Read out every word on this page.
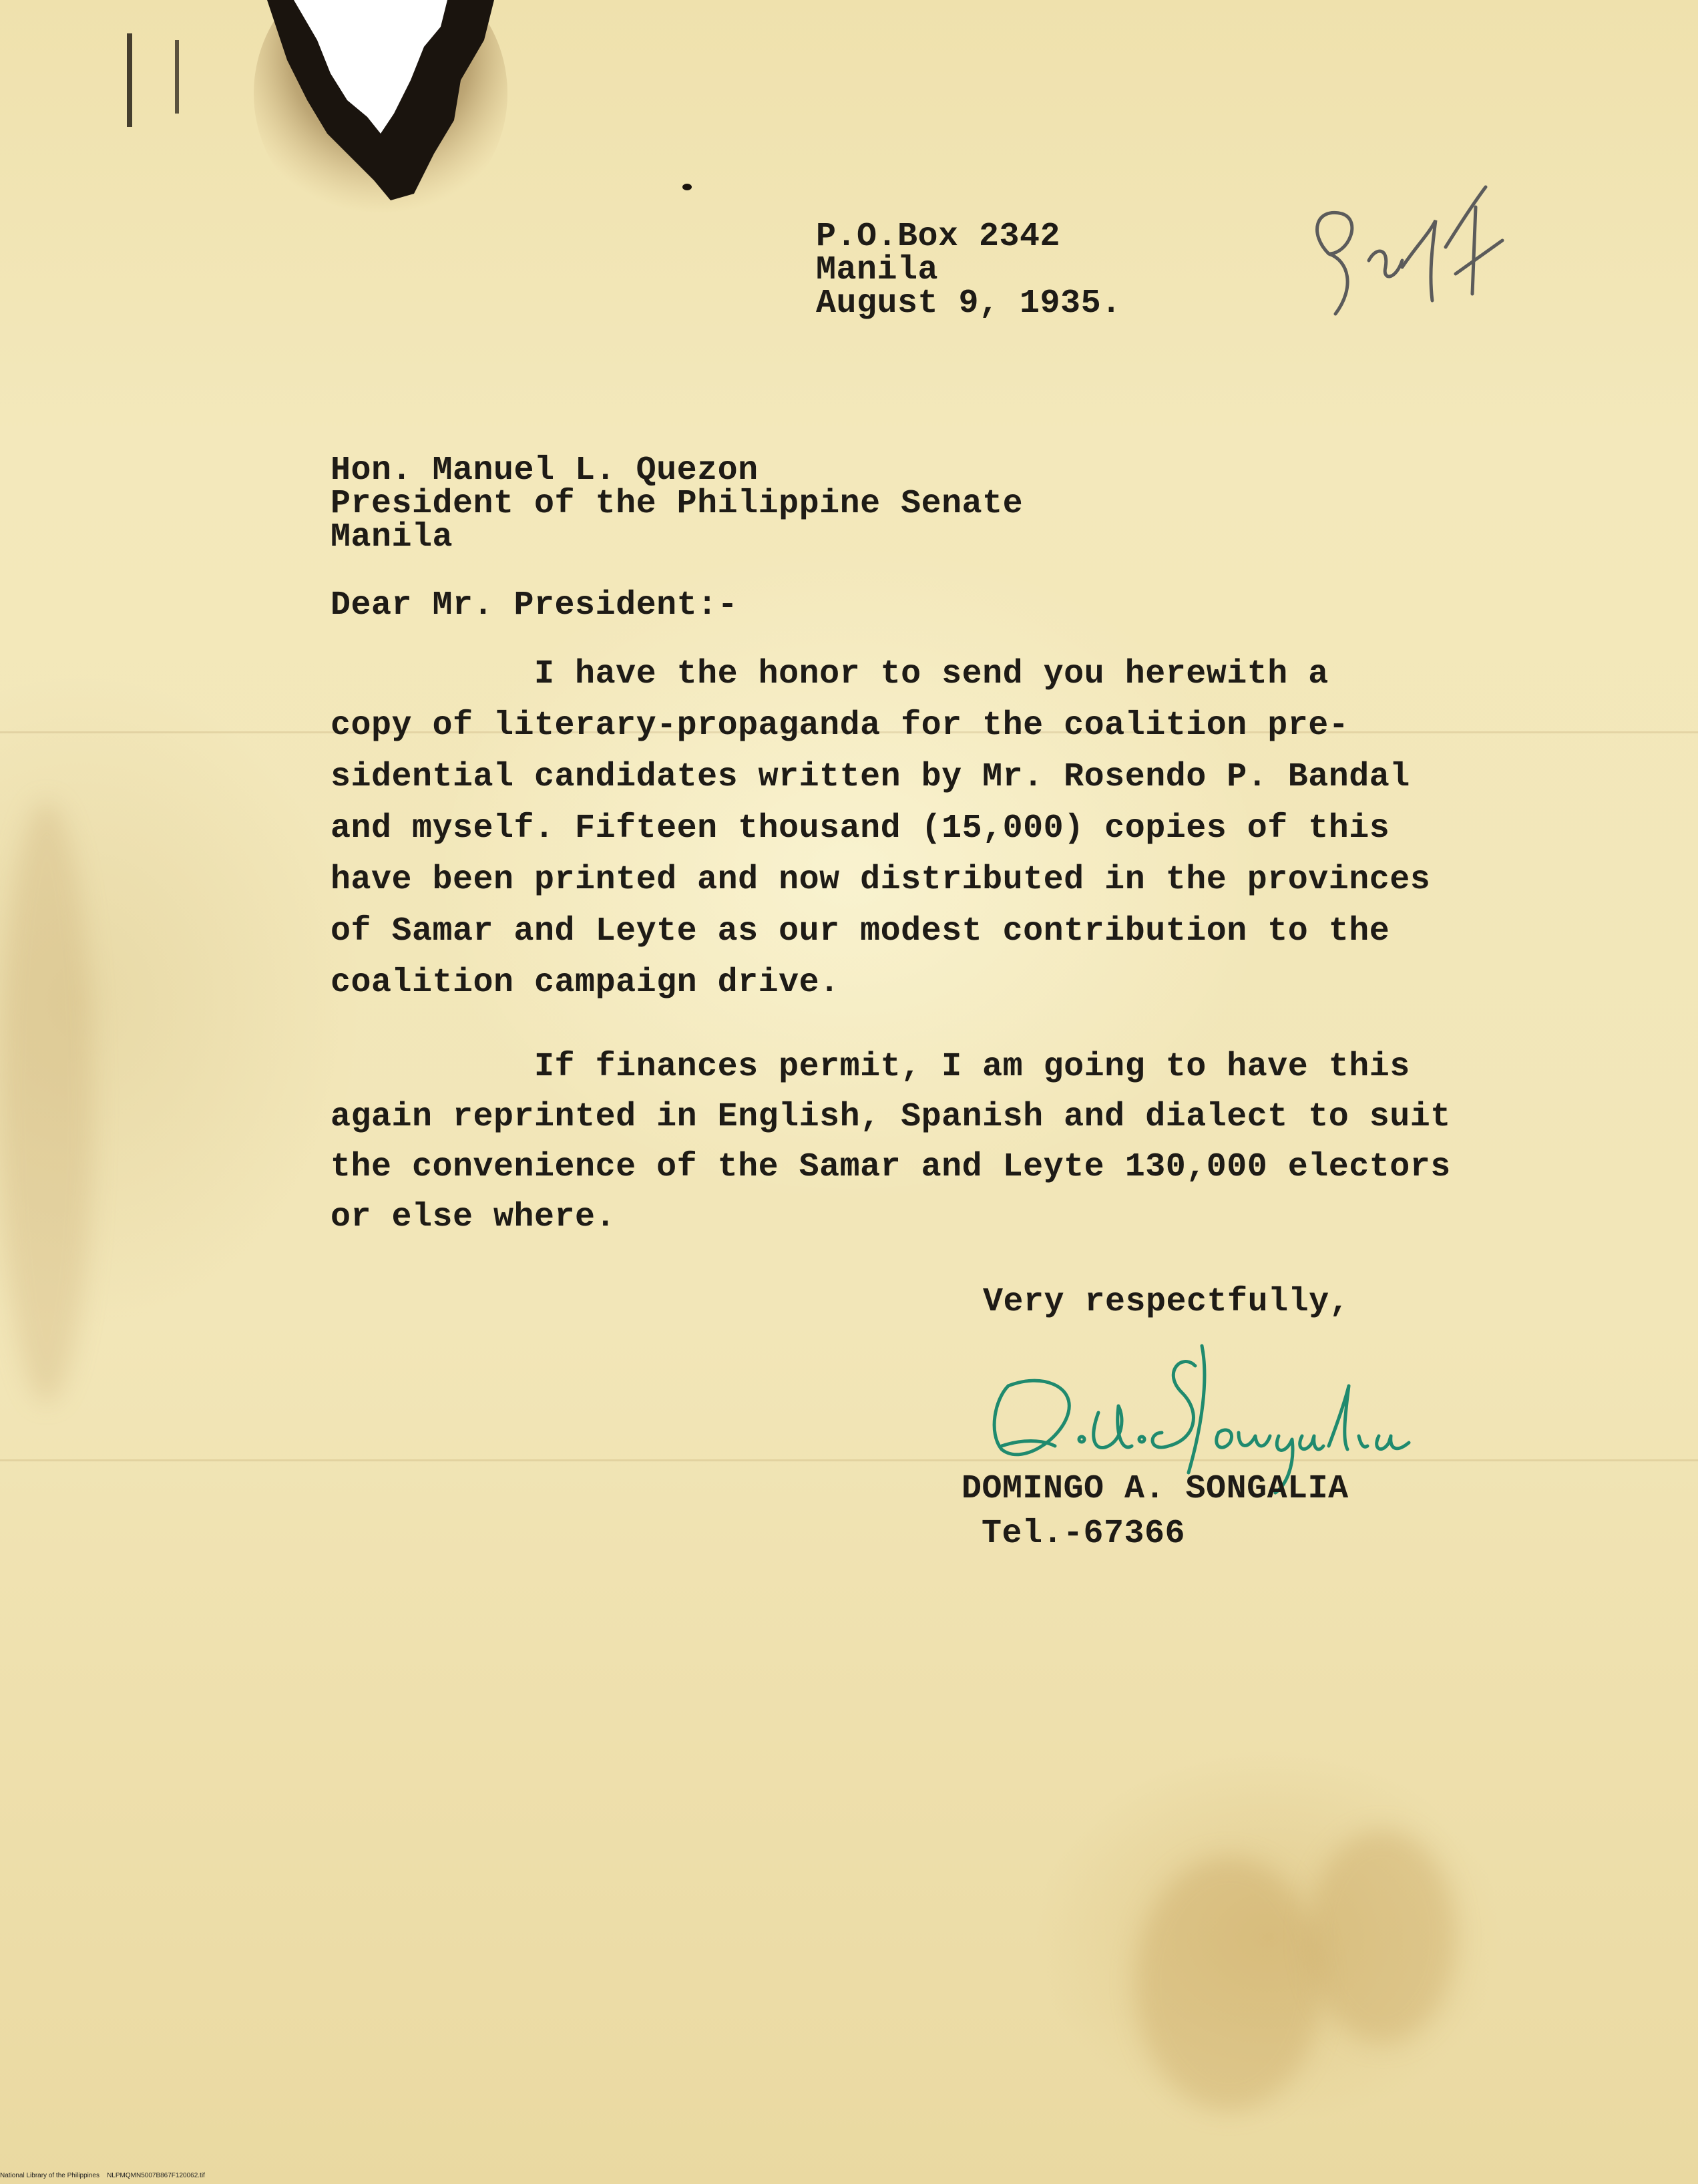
P.O.Box 2342
Manila
August 9, 1935.
Hon. Manuel L. Quezon
President of the Philippine Senate
Manila
Dear Mr. President:-
I have the honor to send you herewith a
copy of literary-propaganda for the coalition pre-
sidential candidates written by Mr. Rosendo P. Bandal
and myself. Fifteen thousand (15,000) copies of this
have been printed and now distributed in the provinces
of Samar and Leyte as our modest contribution to the
coalition campaign drive.
If finances permit, I am going to have this
again reprinted in English, Spanish and dialect to suit
the convenience of the Samar and Leyte 130,000 electors
or else where.
Very respectfully,
DOMINGO A. SONGALIA
Tel.-67366
National Library of the Philippines    NLPMQMN5007B867F120062.tif
